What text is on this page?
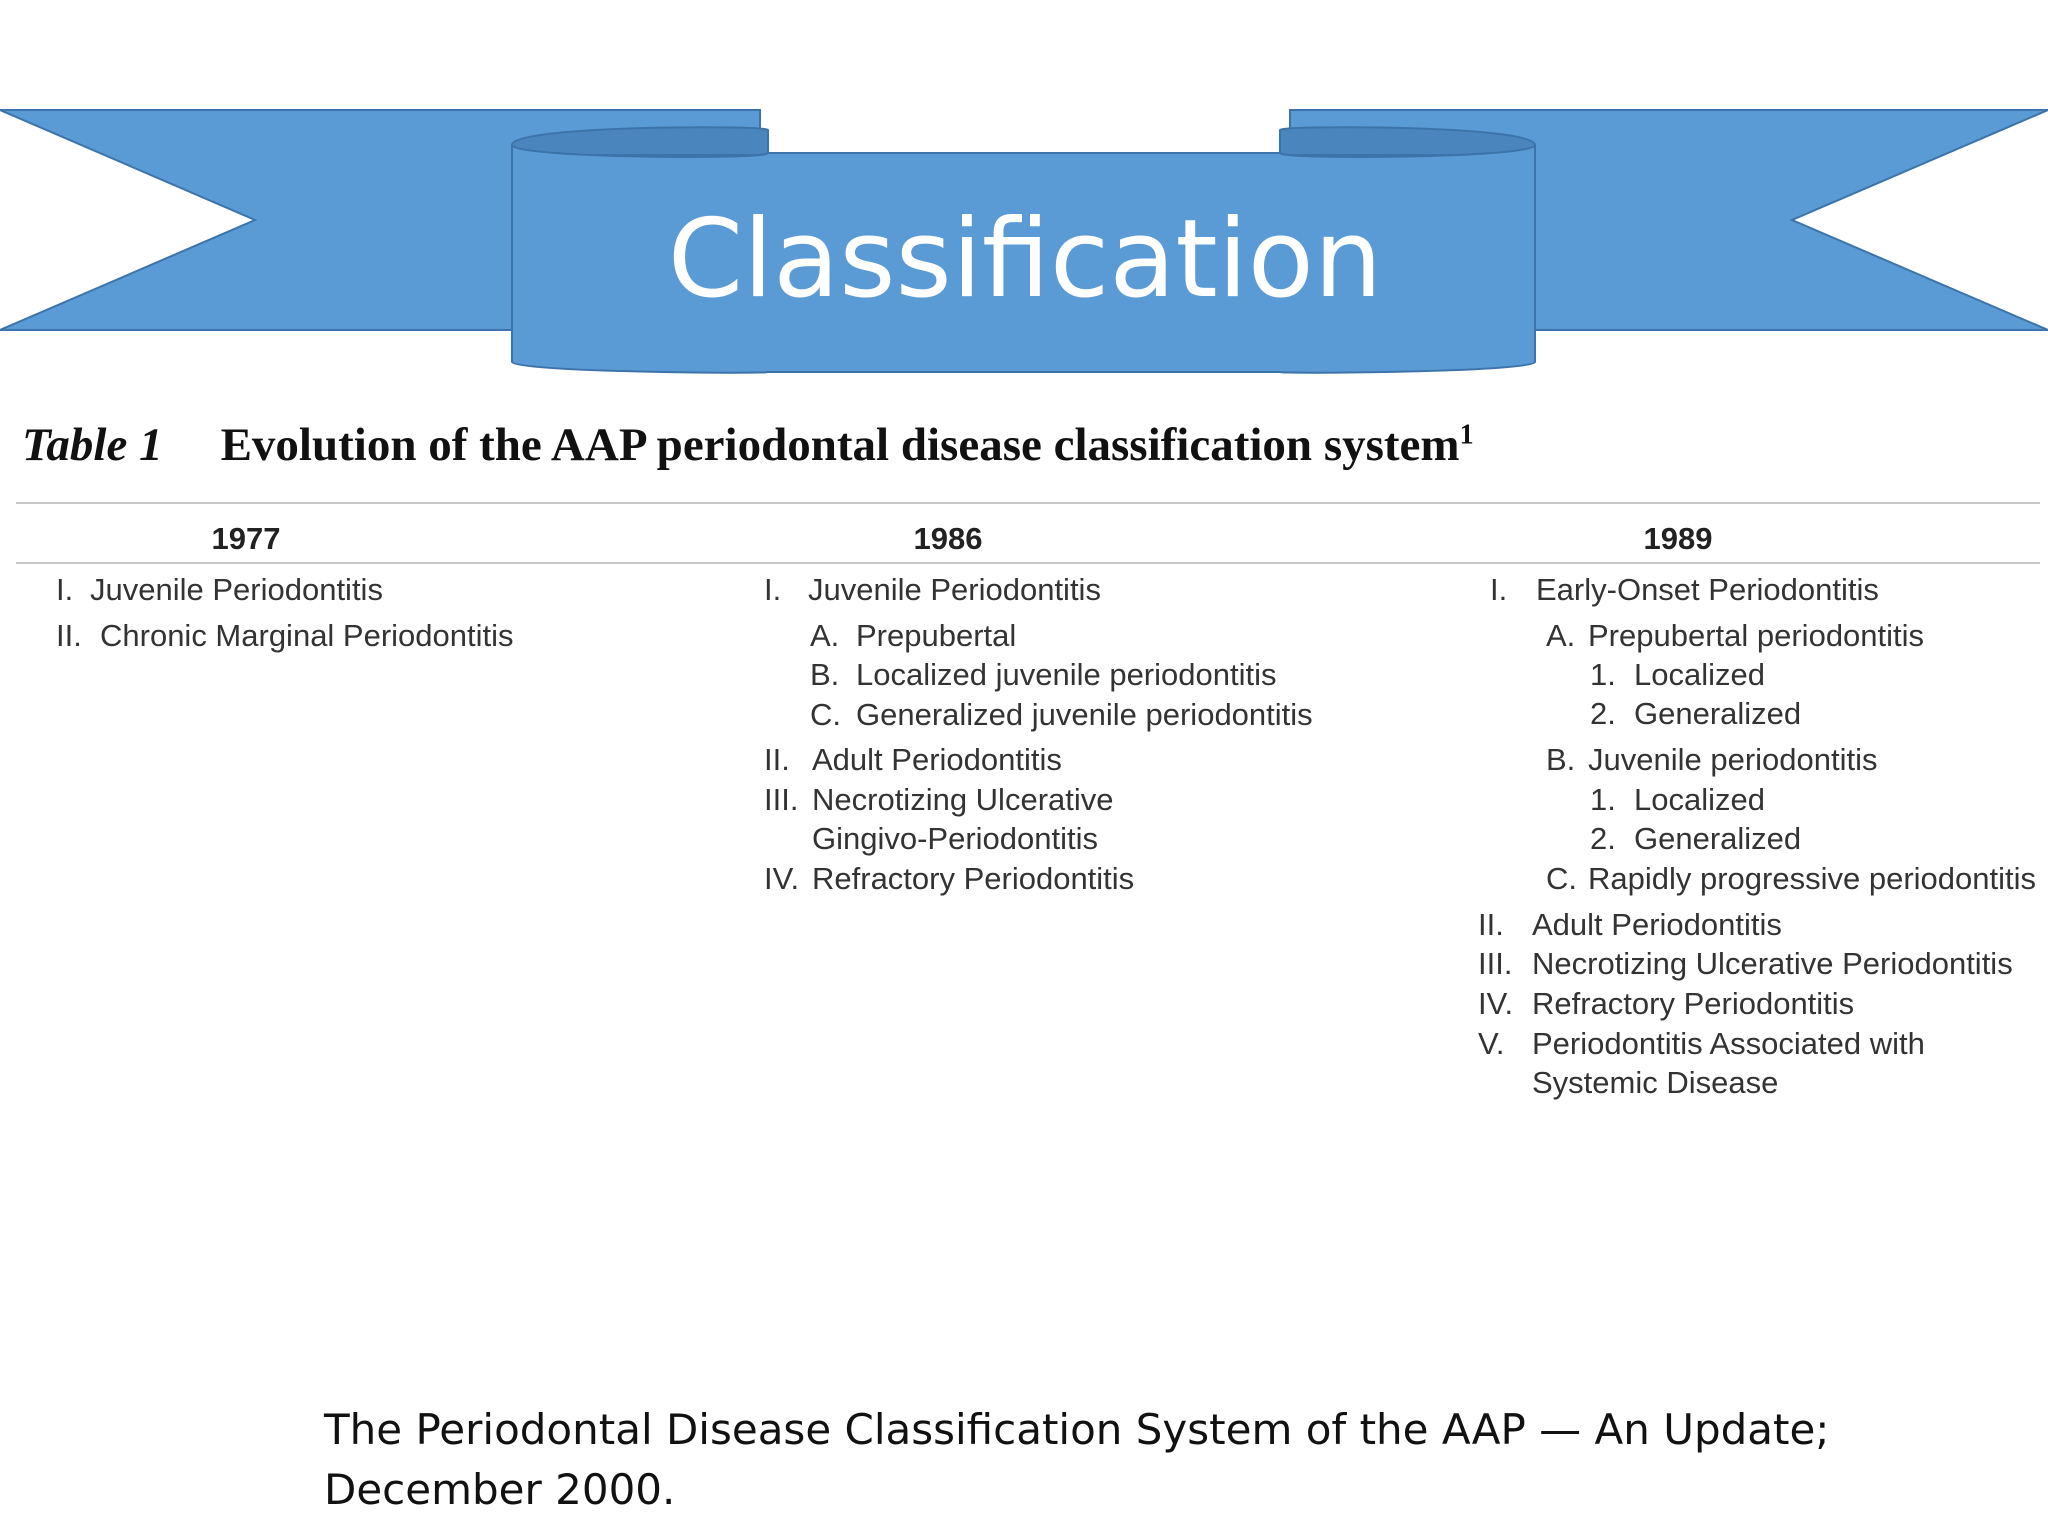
Classification
Table 1 Evolution of the AAP periodontal disease classification system$^1$
1977	1986	1989
I. Juvenile Periodontitis
II. Chronic Marginal Periodontitis
I. Juvenile Periodontitis
A. Prepubertal
B. Localized juvenile periodontitis
C. Generalized juvenile periodontitis
II. Adult Periodontitis
III. Necrotizing Ulcerative
Gingivo-Periodontitis
IV. Refractory Periodontitis
I. Early-Onset Periodontitis
A. Prepubertal periodontitis
1. Localized
2. Generalized
B. Juvenile periodontitis
1. Localized
2. Generalized
C. Rapidly progressive periodontitis
II. Adult Periodontitis
III. Necrotizing Ulcerative Periodontitis
IV. Refractory Periodontitis
V. Periodontitis Associated with
Systemic Disease
The Periodontal Disease Classification System of the AAP — An Update;
December 2000.
